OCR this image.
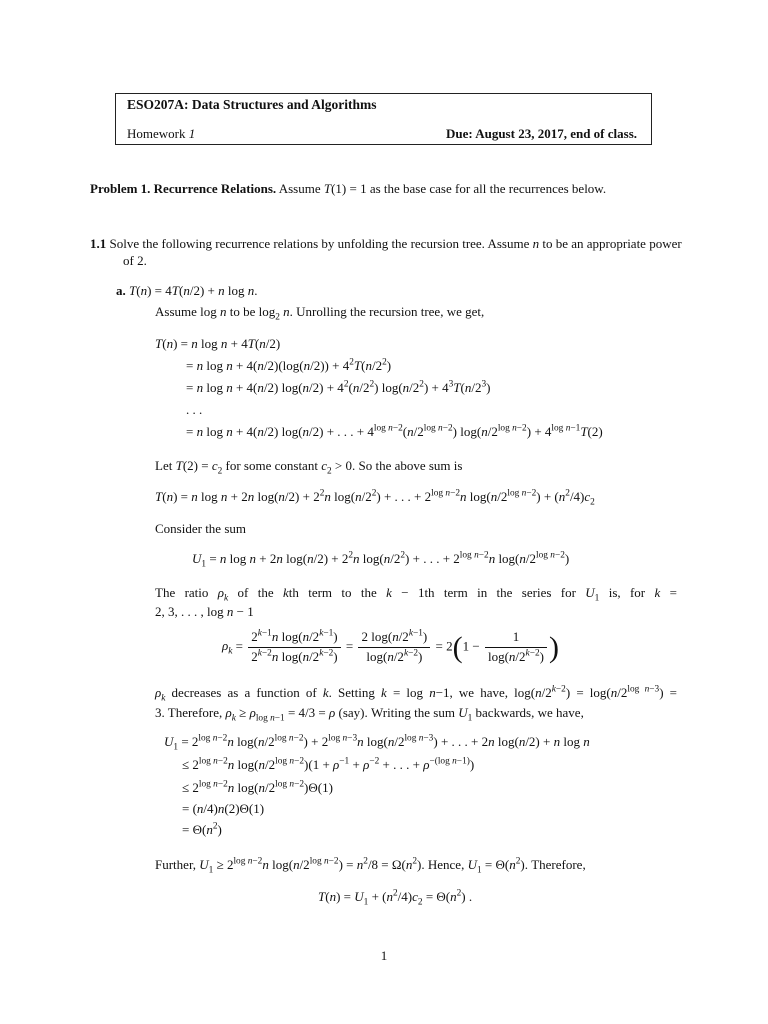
ESO207A: Data Structures and Algorithms
Homework 1	Due: August 23, 2017, end of class.
Problem 1. Recurrence Relations. Assume T(1) = 1 as the base case for all the recurrences below.
1.1 Solve the following recurrence relations by unfolding the recursion tree. Assume n to be an appropriate power of 2.
a. T(n) = 4T(n/2) + n log n.
Assume log n to be $\log_2 n$. Unrolling the recursion tree, we get,
T(n) = n log n + 4T(n/2)
= n $\log n + 4(n/2)(\log(n/2)) + 4^2T(n/2^2)$
= n log n + 4(n/2) $\log(n/2) + 4^2(n/2^2) \log(n/2^2) + 4^3T(n/2^3)$
. . .
= n log n + 4(n/2) log(n/2) + . . . + $4^{log n-2}(n/2^{log n-2}) \log(n/2^{log n-2}) + 4^{log n-1}T(2)$
Let $T(2) = c_2$ for some constant $c_2 > 0$. So the above sum is
T(n) = n log n + 2n $\log(n/2) + 2^2n$ $\log(n/2^2)$ + . . . + $2^{log n-2}n$ $\log(n/2^{log n-2}) + (n^2/4)c_2$
Consider the sum
$U_1 = n$ log n + 2n $\log(n/2) + 2^2n$ $\log(n/2^2)$ + . . . + $2^{log n-2}n$ $\log(n/2^{log n-2})$
The ratio $\rho_k$ of the kth term to the k − 1th term in the series for $U_1$ is, for k =
2, 3, . . . , log n − 1
$\rho_k = \frac{2^{k-1}n \log(n/2^{k-1})}{2^{k-2}n \log(n/2^{k-2})} = \frac{2 \log(n/2^{k-1})}{\log(n/2^{k-2})} = 2(1 - \frac{1}{\log(n/2^{k-2})}$ )
$\rho_k$ decreases as a function of k. Setting k = log n−1, we have, $\log(n/2^{k-2}) = \log(n/2^{log n-3})$ =
3. Therefore, $\rho_k \ge \rho_{log n-1} = 4/3 = \rho$ (say). Writing the sum $U_1$ backwards, we have,
$U_1 = 2^{log n-2}n$ $\log(n/2^{log n-2}) + 2^{log n-3}n$ $\log(n/2^{log n-3})$ + . . . + 2n log(n/2) + n log n
≤ $2^{log n-2}n$ $\log(n/2^{log n-2})(1 + \rho^{-1} + \rho^{-2}$ + . . . + $\rho^{-(log n-1)}$)
≤ $2^{log n-2}n$ $\log(n/2^{log n-2})\Theta(1)$
= (n/4)n(2)Θ(1)
= $\Theta(n^2)$
Further, $U_1 \ge 2^{log n-2}n$ $\log(n/2^{log n-2}) = n^2/8 = \Omega(n^2)$. Hence, $U_1 = \Theta(n^2)$. Therefore,
$T(n) = U_1 + (n^2/4)c_2 = \Theta(n^2)$ .
1
